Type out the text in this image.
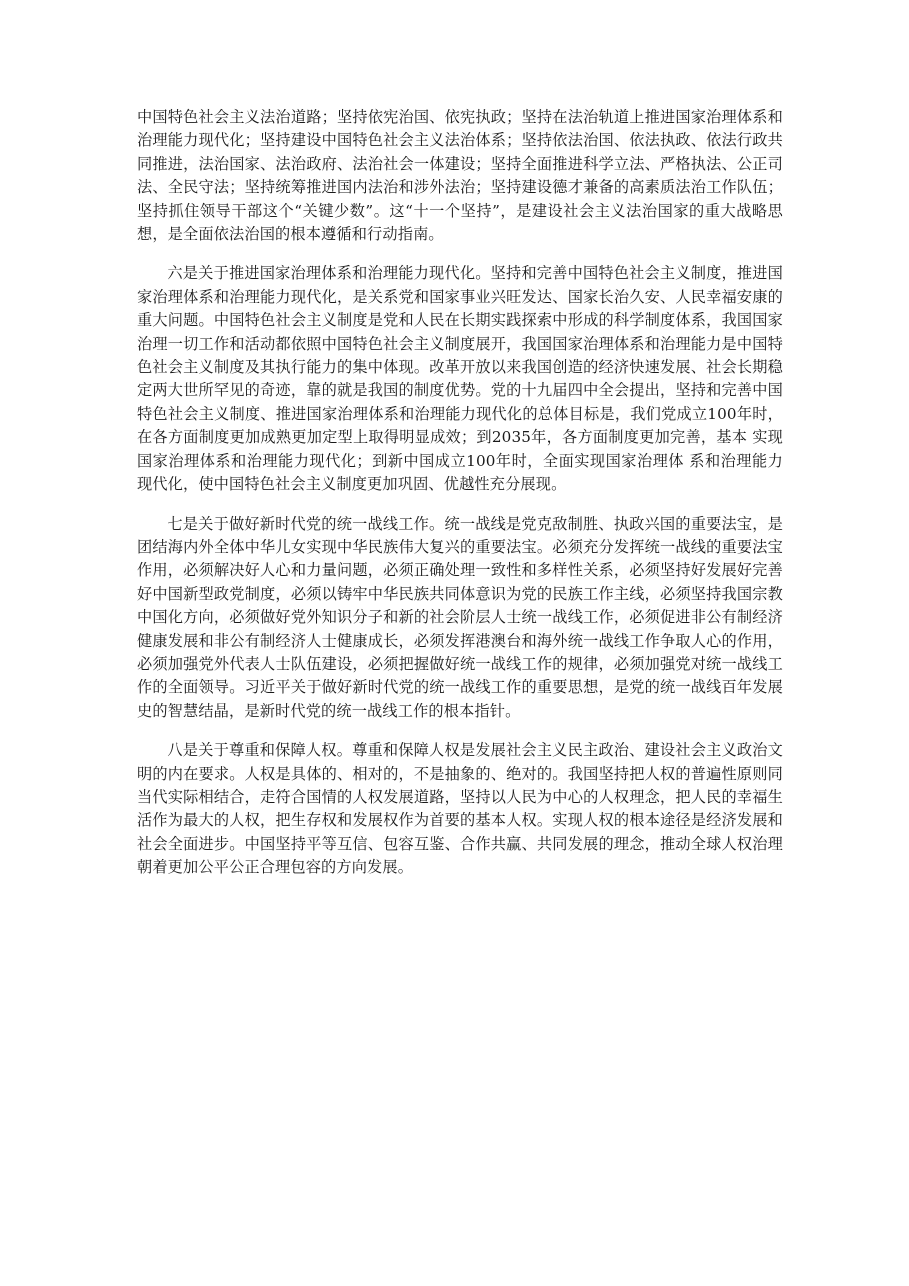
中国特色社会主义法治道路；坚持依宪治国、依宪执政；坚持在法治轨道上推进国家治理体系和治理能力现代化；坚持建设中国特色社会主义法治体系；坚持依法治国、依法执政、依法行政共同推进，法治国家、法治政府、法治社会一体建设；坚持全面推进科学立法、严格执法、公正司法、全民守法；坚持统筹推进国内法治和涉外法治；坚持建设德才兼备的高素质法治工作队伍；坚持抓住领导干部这个“关键少数”。这“十一个坚持”，是建设社会主义法治国家的重大战略思想，是全面依法治国的根本遵循和行动指南。

六是关于推进国家治理体系和治理能力现代化。坚持和完善中国特色社会主义制度，推进国家治理体系和治理能力现代化，是关系党和国家事业兴旺发达、国家长治久安、人民幸福安康的重大问题。中国特色社会主义制度是党和人民在长期实践探索中形成的科学制度体系，我国国家治理一切工作和活动都依照中国特色社会主义制度展开，我国国家治理体系和治理能力是中国特色社会主义制度及其执行能力的集中体现。改革开放以来我国创造的经济快速发展、社会长期稳定两大世所罕见的奇迹，靠的就是我国的制度优势。党的十九届四中全会提出，坚持和完善中国特色社会主义制度、推进国家治理体系和治理能力现代化的总体目标是，我们党成立100年时，在各方面制度更加成熟更加定型上取得明显成效；到2035年，各方面制度更加完善，基本 实现国家治理体系和治理能力现代化；到新中国成立100年时，全面实现国家治理体 系和治理能力现代化，使中国特色社会主义制度更加巩固、优越性充分展现。

七是关于做好新时代党的统一战线工作。统一战线是党克敌制胜、执政兴国的重要法宝，是团结海内外全体中华儿女实现中华民族伟大复兴的重要法宝。必须充分发挥统一战线的重要法宝作用，必须解决好人心和力量问题，必须正确处理一致性和多样性关系，必须坚持好发展好完善好中国新型政党制度，必须以铸牢中华民族共同体意识为党的民族工作主线，必须坚持我国宗教中国化方向，必须做好党外知识分子和新的社会阶层人士统一战线工作，必须促进非公有制经济健康发展和非公有制经济人士健康成长，必须发挥港澳台和海外统一战线工作争取人心的作用，必须加强党外代表人士队伍建设，必须把握做好统一战线工作的规律，必须加强党对统一战线工作的全面领导。习近平关于做好新时代党的统一战线工作的重要思想，是党的统一战线百年发展史的智慧结晶，是新时代党的统一战线工作的根本指针。

八是关于尊重和保障人权。尊重和保障人权是发展社会主义民主政治、建设社会主义政治文明的内在要求。人权是具体的、相对的，不是抽象的、绝对的。我国坚持把人权的普遍性原则同当代实际相结合，走符合国情的人权发展道路，坚持以人民为中心的人权理念，把人民的幸福生活作为最大的人权，把生存权和发展权作为首要的基本人权。实现人权的根本途径是经济发展和社会全面进步。中国坚持平等互信、包容互鉴、合作共赢、共同发展的理念，推动全球人权治理朝着更加公平公正合理包容的方向发展。
